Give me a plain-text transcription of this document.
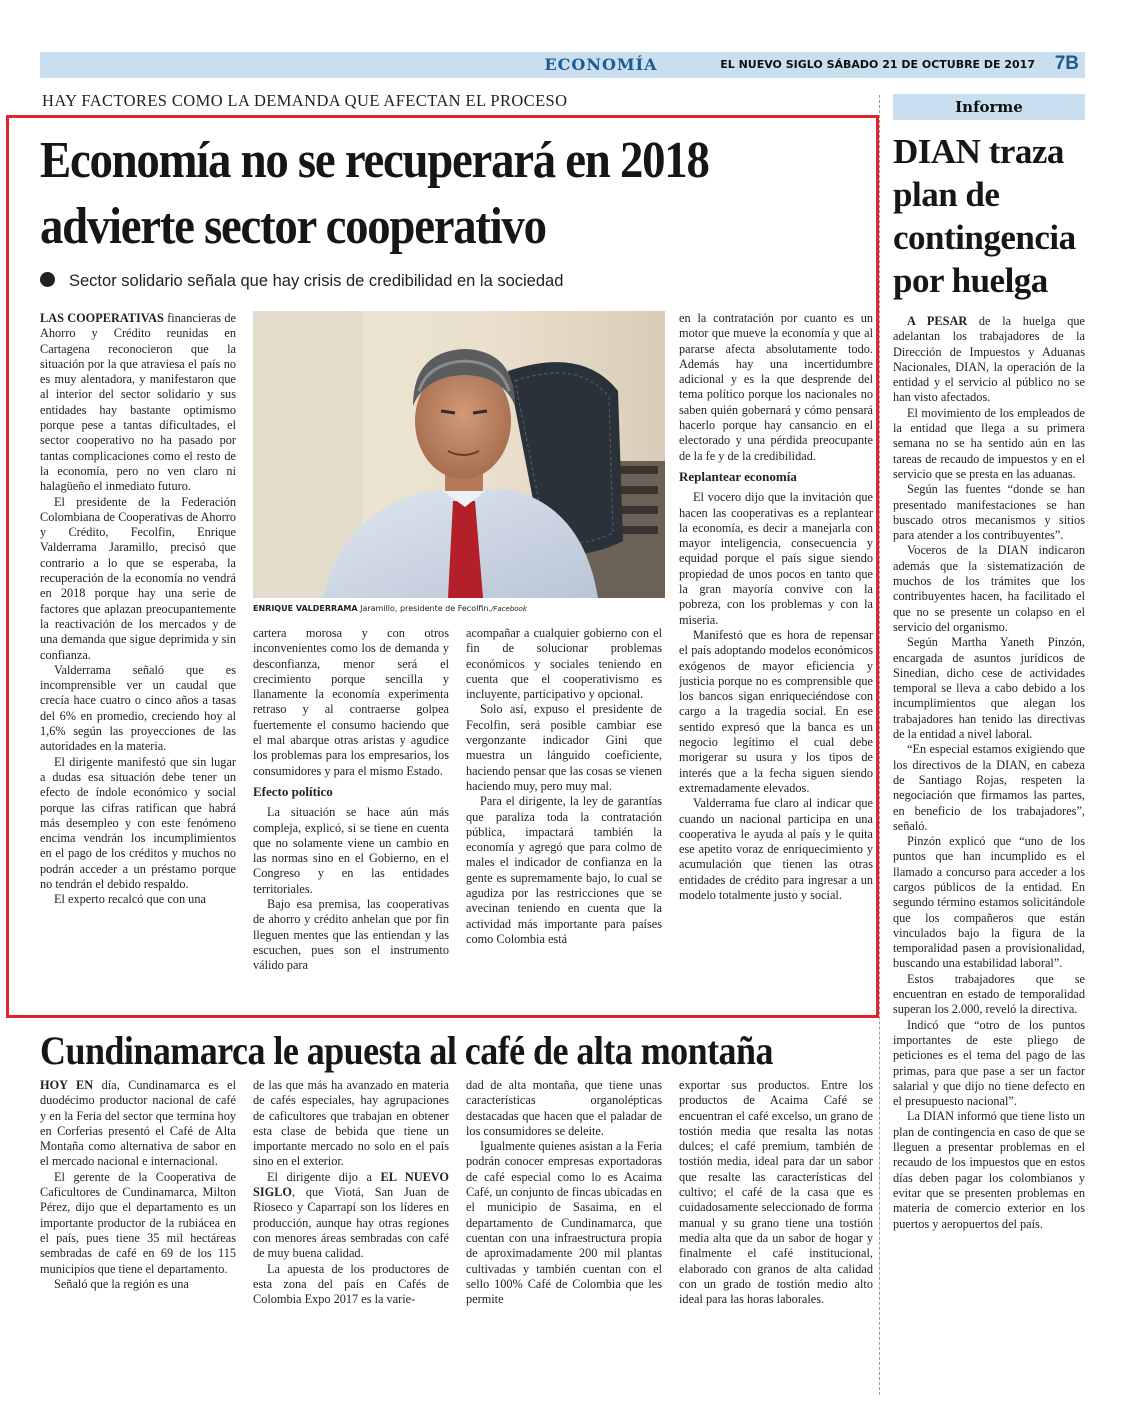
ECONOMÍA	EL NUEVO SIGLO SÁBADO 21 DE OCTUBRE DE 2017 7B
HAY FACTORES COMO LA DEMANDA QUE AFECTAN EL PROCESO
Economía no se recuperará en 2018 advierte sector cooperativo
Sector solidario señala que hay crisis de credibilidad en la sociedad

LAS COOPERATIVAS financieras de Ahorro y Crédito reunidas en Cartagena reconocieron que la situación por la que atraviesa el país no es muy alentadora, y manifestaron que al interior del sector solidario y sus entidades hay bastante optimismo porque pese a tantas dificultades, el sector cooperativo no ha pasado por tantas complicaciones como el resto de la economía, pero no ven claro ni halagüeño el inmediato futuro.

El presidente de la Federación Colombiana de Cooperativas de Ahorro y Crédito, Fecolfin, Enrique Valderrama Jaramillo, precisó que contrario a lo que se esperaba, la recuperación de la economía no vendrá en 2018 porque hay una serie de factores que aplazan preocupantemente la reactivación de los mercados y de una demanda que sigue deprimida y sin confianza.

Valderrama señaló que es incomprensible ver un caudal que crecía hace cuatro o cinco años a tasas del 6% en promedio, creciendo hoy al 1,6% según las proyecciones de las autoridades en la materia.

El dirigente manifestó que sin lugar a dudas esa situación debe tener un efecto de índole económico y social porque las cifras ratifican que habrá más desempleo y con este fenómeno encima vendrán los incumplimientos en el pago de los créditos y muchos no podrán acceder a un préstamo porque no tendrán el debido respaldo.

El experto recalcó que con una

ENRIQUE VALDERRAMA Jaramillo, presidente de Fecolfin./Facebook

cartera morosa y con otros inconvenientes como los de demanda y desconfianza, menor será el crecimiento porque sencilla y llanamente la economía experimenta retraso y al contraerse golpea fuertemente el consumo haciendo que el mal abarque otras aristas y agudice los problemas para los empresarios, los consumidores y para el mismo Estado.

Efecto político

La situación se hace aún más compleja, explicó, si se tiene en cuenta que no solamente viene un cambio en las normas sino en el Gobierno, en el Congreso y en las entidades territoriales.

Bajo esa premisa, las cooperativas de ahorro y crédito anhelan que por fin lleguen mentes que las entiendan y las escuchen, pues son el instrumento válido para

acompañar a cualquier gobierno con el fin de solucionar problemas económicos y sociales teniendo en cuenta que el cooperativismo es incluyente, participativo y opcional.

Solo así, expuso el presidente de Fecolfin, será posible cambiar ese vergonzante indicador Gini que muestra un lánguido coeficiente, haciendo pensar que las cosas se vienen haciendo muy, pero muy mal.

Para el dirigente, la ley de garantías que paraliza toda la contratación pública, impactará también la economía y agregó que para colmo de males el indicador de confianza en la gente es supremamente bajo, lo cual se agudiza por las restricciones que se avecinan teniendo en cuenta que la actividad más importante para países como Colombia está

en la contratación por cuanto es un motor que mueve la economía y que al pararse afecta absolutamente todo. Además hay una incertidumbre adicional y es la que desprende del tema político porque los nacionales no saben quién gobernará y cómo pensará hacerlo porque hay cansancio en el electorado y una pérdida preocupante de la fe y de la credibilidad.

Replantear economía

El vocero dijo que la invitación que hacen las cooperativas es a replantear la economía, es decir a manejarla con mayor inteligencia, consecuencia y equidad porque el país sigue siendo propiedad de unos pocos en tanto que la gran mayoría convive con la pobreza, con los problemas y con la miseria.

Manifestó que es hora de repensar el país adoptando modelos económicos exógenos de mayor eficiencia y justicia porque no es comprensible que los bancos sigan enriqueciéndose con cargo a la tragedia social. En ese sentido expresó que la banca es un negocio legítimo el cual debe morigerar su usura y los tipos de interés que a la fecha siguen siendo extremadamente elevados.

Valderrama fue claro al indicar que cuando un nacional participa en una cooperativa le ayuda al país y le quita ese apetito voraz de enriquecimiento y acumulación que tienen las otras entidades de crédito para ingresar a un modelo totalmente justo y social.

Cundinamarca le apuesta al café de alta montaña

HOY EN día, Cundinamarca es el duodécimo productor nacional de café y en la Feria del sector que termina hoy en Corferias presentó el Café de Alta Montaña como alternativa de sabor en el mercado nacional e internacional.

El gerente de la Cooperativa de Caficultores de Cundinamarca, Milton Pérez, dijo que el departamento es un importante productor de la rubiácea en el país, pues tiene 35 mil hectáreas sembradas de café en 69 de los 115 municipios que tiene el departamento.

Señaló que la región es una

de las que más ha avanzado en materia de cafés especiales, hay agrupaciones de caficultores que trabajan en obtener esta clase de bebida que tiene un importante mercado no solo en el país sino en el exterior.

El dirigente dijo a EL NUEVO SIGLO, que Viotá, San Juan de Rioseco y Caparrapí son los líderes en producción, aunque hay otras regiones con menores áreas sembradas con café de muy buena calidad.

La apuesta de los productores de esta zona del país en Cafés de Colombia Expo 2017 es la varie-

dad de alta montaña, que tiene unas características organolépticas destacadas que hacen que el paladar de los consumidores se deleite.

Igualmente quienes asistan a la Feria podrán conocer empresas exportadoras de café especial como lo es Acaima Café, un conjunto de fincas ubicadas en el municipio de Sasaima, en el departamento de Cundinamarca, que cuentan con una infraestructura propia de aproximadamente 200 mil plantas cultivadas y también cuentan con el sello 100% Café de Colombia que les permite

exportar sus productos. Entre los productos de Acaima Café se encuentran el café excelso, un grano de tostión media que resalta las notas dulces; el café premium, también de tostión media, ideal para dar un sabor que resalte las características del cultivo; el café de la casa que es cuidadosamente seleccionado de forma manual y su grano tiene una tostión media alta que da un sabor de hogar y finalmente el café institucional, elaborado con granos de alta calidad con un grado de tostión medio alto ideal para las horas laborales.

Informe
DIAN traza plan de contingencia por huelga

A PESAR de la huelga que adelantan los trabajadores de la Dirección de Impuestos y Aduanas Nacionales, DIAN, la operación de la entidad y el servicio al público no se han visto afectados.

El movimiento de los empleados de la entidad que llega a su primera semana no se ha sentido aún en las tareas de recaudo de impuestos y en el servicio que se presta en las aduanas.

Según las fuentes “donde se han presentado manifestaciones se han buscado otros mecanismos y sitios para atender a los contribuyentes”.

Voceros de la DIAN indicaron además que la sistematización de muchos de los trámites que los contribuyentes hacen, ha facilitado el que no se presente un colapso en el servicio del organismo.

Según Martha Yaneth Pinzón, encargada de asuntos jurídicos de Sinedian, dicho cese de actividades temporal se lleva a cabo debido a los incumplimientos que alegan los trabajadores han tenido las directivas de la entidad a nivel laboral.

“En especial estamos exigiendo que los directivos de la DIAN, en cabeza de Santiago Rojas, respeten la negociación que firmamos las partes, en beneficio de los trabajadores”, señaló.

Pinzón explicó que “uno de los puntos que han incumplido es el llamado a concurso para acceder a los cargos públicos de la entidad. En segundo término estamos solicitándole que los compañeros que están vinculados bajo la figura de la temporalidad pasen a provisionalidad, buscando una estabilidad laboral”.

Estos trabajadores que se encuentran en estado de temporalidad superan los 2.000, reveló la directiva.

Indicó que “otro de los puntos importantes de este pliego de peticiones es el tema del pago de las primas, para que pase a ser un factor salarial y que dijo no tiene defecto en el presupuesto nacional”.

La DIAN informó que tiene listo un plan de contingencia en caso de que se lleguen a presentar problemas en el recaudo de los impuestos que en estos días deben pagar los colombianos y evitar que se presenten problemas en materia de comercio exterior en los puertos y aeropuertos del país.
